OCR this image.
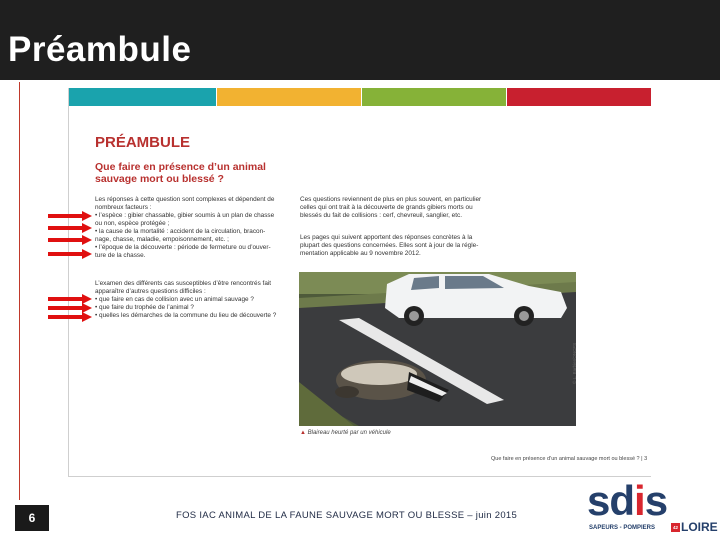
Préambule
PRÉAMBULE
Que faire en présence d’un animal sauvage mort ou blessé ?
Les réponses à cette question sont complexes et dépendent de
nombreux facteurs :
• l’espèce : gibier chassable, gibier soumis à un plan de chasse
ou non, espèce protégée ;
• la cause de la mortalité : accident de la circulation, bracon-
nage, chasse, maladie, empoisonnement, etc. ;
• l’époque de la découverte : période de fermeture ou d’ouver-
ture de la chasse.
L’examen des différents cas susceptibles d’être rencontrés fait
apparaître d’autres questions difficiles :
• que faire en cas de collision avec un animal sauvage ?
• que faire du trophée de l’animal ?
• quelles les démarches de la commune du lieu de découverte ?
Ces questions reviennent de plus en plus souvent, en particulier
celles qui ont trait à la découverte de grands gibiers morts ou
blessés du fait de collisions : cerf, chevreuil, sanglier, etc.
Les pages qui suivent apportent des réponses concrètes à la
plupart des questions concernées. Elles sont à jour de la régle-
mentation applicable au 9 novembre 2012.
▲ Blaireau heurté par un véhicule
© L. Barbier/ONCFS
Que faire en présence d’un animal sauvage mort ou blessé ? | 3
6	FOS IAC ANIMAL DE LA FAUNE SAUVAGE MORT OU BLESSE – juin 2015 sdis
SAPEURS - POMPIERS	42 LOIRE
